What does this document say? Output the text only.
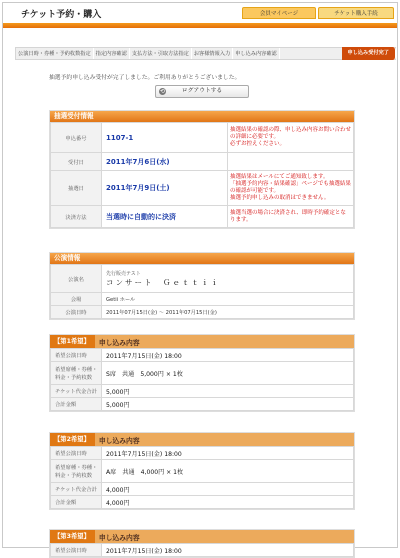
チケット予約・購入	会員マイページ	チケット購入手続
公演日時・券種・予約枚数指定 指定内容確認 支払方法・引取方法指定 お客様情報入力 申し込み内容確認	申し込み受付完了
抽選予約申し込み受付が完了しました。ご利用ありがとうございました。
⟲	ログアウトする
抽選受付情報
申込番号	1107-1	抽選結果の確認の際、申し込み内容お問い合わせの詳細に必要です。
必ずお控えください。
受付日	2011年7月6日(水)	
抽選日	2011年7月9日(土)	抽選結果はメールにてご通知致します。
「抽選予約内容・結果確認」ページでも抽選結果の確認が可能です。
抽選予約申し込みの取消はできません。
決済方法	当選時に自動的に決済	抽選当選の場合に決済され、即時予約確定となります。
公演情報
公演名	先行販売テスト
コンサート　Ｇｅｔｔｉｉ

会場	Getii ホール
公演日時	2011年07月15日(金) 〜 2011年07月15日(金)
【第1希望】	申し込み内容
希望公演日時	2011年7月15日(金) 18:00
希望席種・券種・料金・予約枚数	S席　共通　5,000円 × 1枚
チケット代金合計	5,000円
合計金額	5,000円
【第2希望】	申し込み内容
希望公演日時	2011年7月15日(金) 18:00
希望席種・券種・料金・予約枚数	A席　共通　4,000円 × 1枚
チケット代金合計	4,000円
合計金額	4,000円
【第3希望】	申し込み内容
希望公演日時	2011年7月15日(金) 18:00
